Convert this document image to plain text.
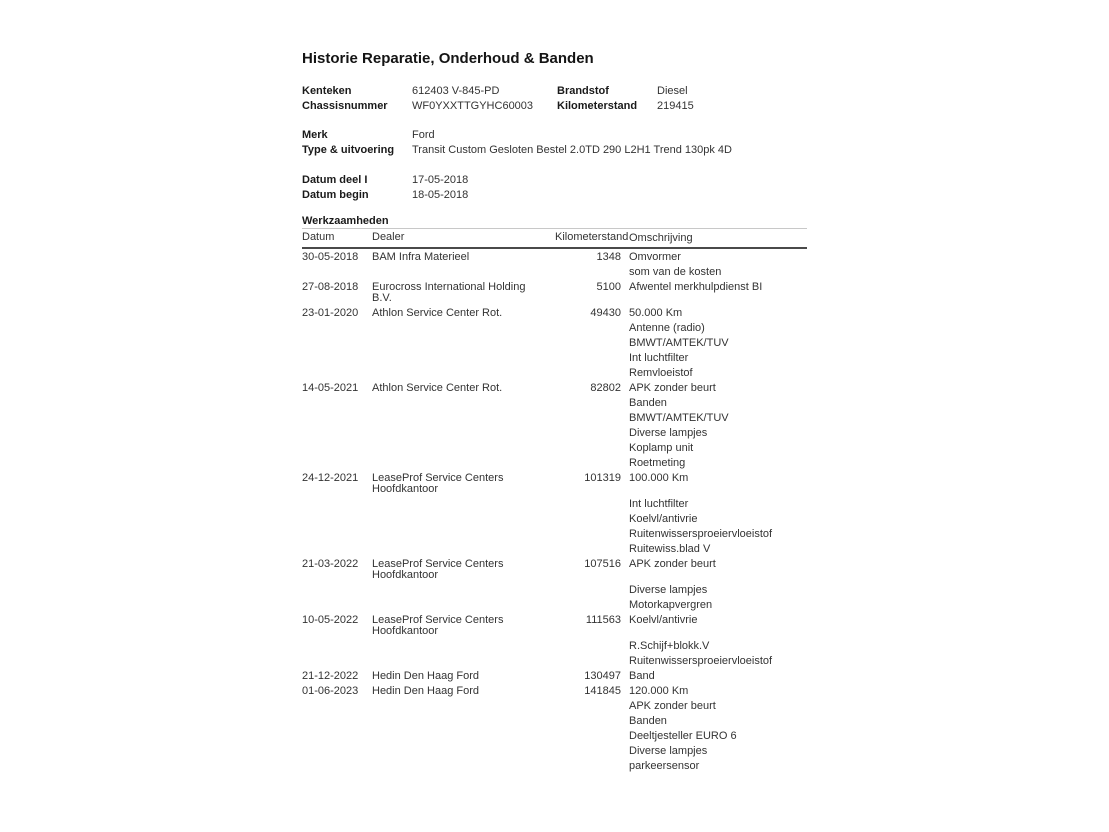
Historie Reparatie, Onderhoud & Banden
Kenteken	612403 V-845-PD	Brandstof	Diesel
Chassisnummer	WF0YXXTTGYHC60003	Kilometerstand	219415
Merk	Ford
Type & uitvoering	Transit Custom Gesloten Bestel 2.0TD 290 L2H1 Trend 130pk 4D
Datum deel I	17-05-2018
Datum begin	18-05-2018
Werkzaamheden
Datum	Dealer	Kilometerstand Omschrijving
30-05-2018	BAM Infra Materieel	1348 Omvormer
som van de kosten
27-08-2018	Eurocross International Holding
B.V.
5100 Afwentel merkhulpdienst BI
23-01-2020	Athlon Service Center Rot.	49430 50.000 Km
Antenne (radio)
BMWT/AMTEK/TUV
Int luchtfilter
Remvloeistof
14-05-2021	Athlon Service Center Rot.	82802 APK zonder beurt
Banden
BMWT/AMTEK/TUV
Diverse lampjes
Koplamp unit
Roetmeting
24-12-2021	LeaseProf Service Centers
Hoofdkantoor
101319 100.000 Km
Int luchtfilter
Koelvl/antivrie
Ruitenwissersproeiervloeistof
Ruitewiss.blad V
21-03-2022	LeaseProf Service Centers
Hoofdkantoor
107516 APK zonder beurt
Diverse lampjes
Motorkapvergren
10-05-2022	LeaseProf Service Centers
Hoofdkantoor
111563 Koelvl/antivrie
R.Schijf+blokk.V
Ruitenwissersproeiervloeistof
21-12-2022	Hedin Den Haag Ford	130497 Band
01-06-2023	Hedin Den Haag Ford	141845 120.000 Km
APK zonder beurt
Banden
Deeltjesteller EURO 6
Diverse lampjes
parkeersensor
